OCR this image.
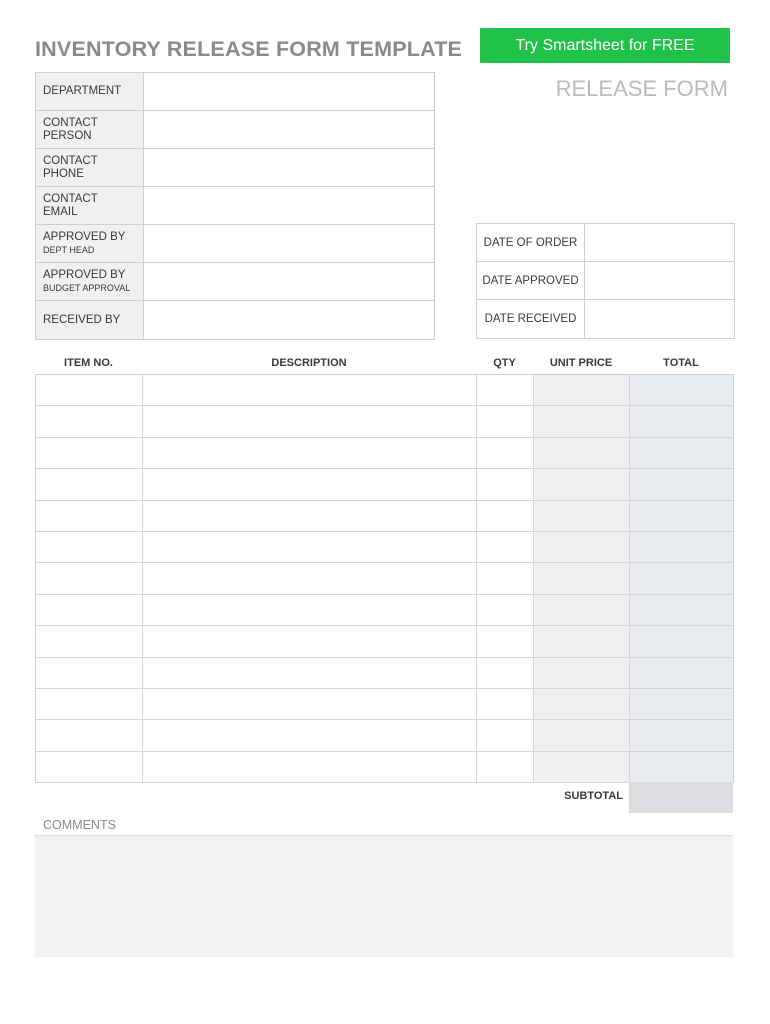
INVENTORY RELEASE FORM TEMPLATE	Try Smartsheet for FREE
RELEASE FORM
DEPARTMENT
CONTACT PERSON
CONTACT PHONE
CONTACT EMAIL
APPROVED BY
DEPT HEAD
APPROVED BY
BUDGET APPROVAL
RECEIVED BY
DATE OF ORDER
DATE APPROVED
DATE RECEIVED
ITEM NO.	DESCRIPTION	QTY	UNIT PRICE	TOTAL
SUBTOTAL
COMMENTS
